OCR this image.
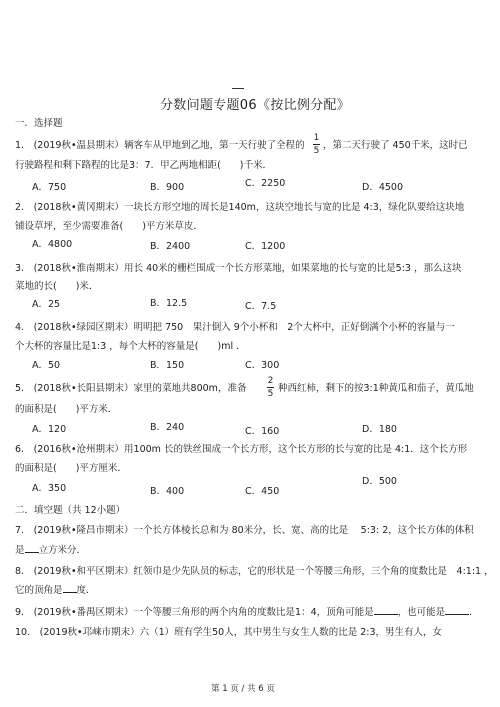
分数问题专题06《按比例分配》
一．选择题
1.　(2019秋•温县期末）辆客车从甲地到乙地，第一天行驶了全程的
1
5 ，第二天行驶了 450千米，这时已
行驶路程和剩下路程的比是3：7．甲乙两地相距(　　)千米．
A．750	B．900	C．2250	D．4500
2.　(2018秋•黄冈期末）一块长方形空地的周长是140m，这块空地长与宽的比是 4:3，绿化队要给这块地
铺设草坪，至少需要准备(　　)平方米草皮．
A．4800	B．2400	C．1200
3.　(2018秋•淮南期末）用长 40米的栅栏围成一个长方形菜地，如果菜地的长与宽的比是5:3 ，那么这块
菜地的长(　　)米．
A．25	B．12.5	C．7.5
4.　(2018秋•绿园区期末）明明把 750　果汁倒入 9个小杯和　2个大杯中，正好倒满个小杯的容量与一
个大杯的容量比是1:3 ，每个大杯的容量是(　　)ml ．
A．50	B．150	C．300
5.　(2018秋•长阳县期末）家里的菜地共800m，准备
2
5 种西红柿，剩下的按3:1种黄瓜和茄子，黄瓜地
的面积是(　　)平方米．
A．120	B．240	C．160	D．180
6.　(2016秋•沧州期末）用100m 长的铁丝围成一个长方形，这个长方形的长与宽的比是 4:1．这个长方形
的面积是(　　)平方厘米．
A．350	B．400	C．450
D．500
二．填空题（共 12小题）
7.　(2019秋•隆昌市期末）一个长方体棱长总和为 80米分，长、宽、高的比是　 5:3: 2，这个长方体的体积
是 立方米分．
8.　(2019秋•和平区期末）红领巾是少先队员的标志，它的形状是一个等腰三角形，三个角的度数比是　4:1:1 ，
它的顶角是 度．
9.　(2019秋•番禺区期末）一个等腰三角形的两个内角的度数比是1：4，顶角可能是	，也可能是	．
10.　(2019秋•邛崃市期末）六（1）班有学生50人，其中男生与女生人数的比是 2:3，男生有人，女
第 1 页 / 共 6 页
